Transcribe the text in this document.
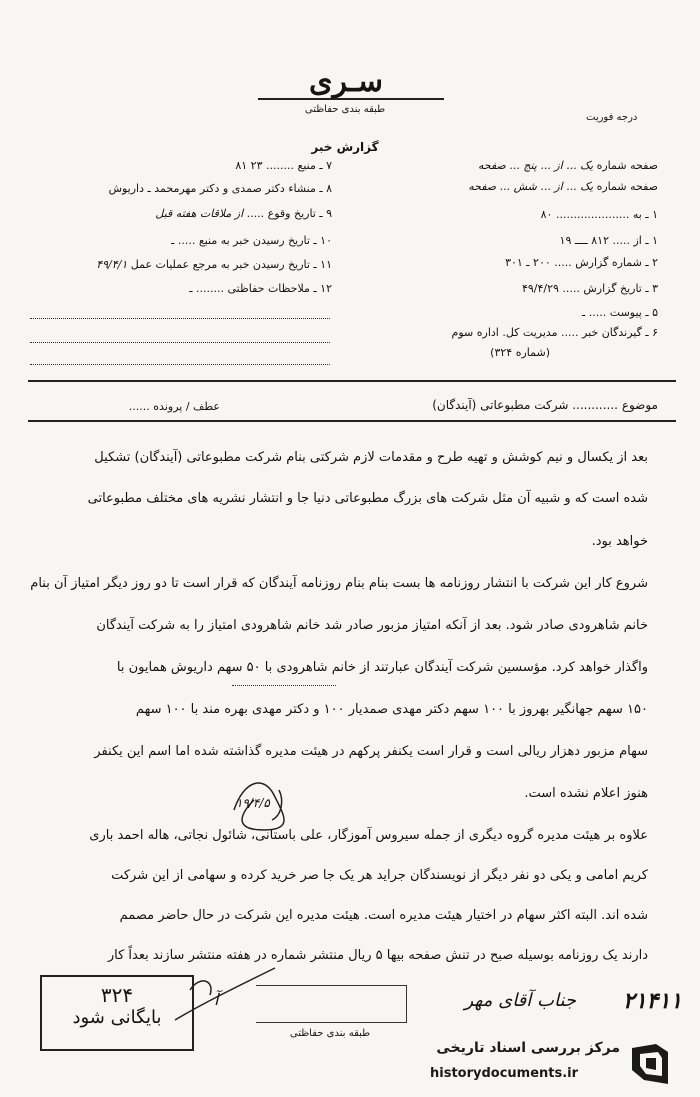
سـری
طبقه بندی حفاظتی
درجه فوریت
گزارش خبر
صفحه شماره یک ... از ... پنج ... صفحه
صفحه شماره یک ... از ... شش ... صفحه
۱ ـ به ..................... ۸۰
۱ ـ از ..... ۸۱۲ ــــ ۱۹
۲ ـ شماره گزارش ..... ۲۰۰ ـ ۳۰۱
۳ ـ تاریخ گزارش ..... ۴۹/۴/۲۹
۵ ـ پیوست ..... ـ
۶ ـ گیرندگان خبر ..... مدیریت کل. اداره سوم
(شماره ۳۲۴)
۷ ـ منبع ........ ۲۳ ۸۱
۸ ـ منشاء دکتر صمدی و دکتر مهرمحمد ـ داریوش
۹ ـ تاریخ وقوع ..... از ملاقات هفته قبل
۱۰ ـ تاریخ رسیدن خبر به منبع ..... ـ
۱۱ ـ تاریخ رسیدن خبر به مرجع عملیات عمل ۴۹/۴/۱
۱۲ ـ ملاحظات حفاظتی ........ ـ
موضوع ............ شرکت مطبوعاتی (آیندگان)
عطف / پرونده ......
بعد از یکسال و نیم کوشش و تهیه طرح و مقدمات لازم شرکتی بنام شرکت مطبوعاتی (آیندگان) تشکیل
شده است که و شبیه آن مثل شرکت های بزرگ مطبوعاتی دنیا جا و انتشار نشریه های مختلف مطبوعاتی
خواهد بود.
شروع کار این شرکت با انتشار روزنامه ها بست بنام بنام روزنامه آیندگان که قرار است تا دو روز دیگر امتیاز آن بنام
خانم شاهرودی صادر شود. بعد از آنکه امتیاز مزبور صادر شد خانم شاهرودی امتیاز را به شرکت آیندگان
واگذار خواهد کرد. مؤسسین شرکت آیندگان عبارتند از خانم شاهرودی با ۵۰ سهم داریوش همایون با
۱۵۰ سهم جهانگیر بهروز با ۱۰۰ سهم دکتر مهدی صمدیار ۱۰۰ و دکتر مهدی بهره مند با ۱۰۰ سهم
سهام مزبور دهزار ریالی است و قرار است یکنفر پرکهم در هیئت مدیره گذاشته شده اما اسم این یکنفر
هنوز اعلام نشده است.
علاوه بر هیئت مدیره گروه دیگری از جمله سیروس آموزگار، علی باستانی، شائول نجاتی، هاله احمد باری
کریم امامی و یکی دو نفر دیگر از نویسندگان جراید هر یک جا صر خرید کرده و سهامی از این شرکت
شده اند. البته اکثر سهام در اختیار هیئت مدیره است. هیئت مدیره این شرکت در حال حاضر مصمم
دارند یک روزنامه بوسیله صبح در تنش صفحه بیها ۵ ریال منتشر شماره در هفته منتشر سازند بعداً کار
۱۹/۴/۵
آ
۳۲۴
بایگانی شود
طبقه بندی حفاظتی
جناب آقای مهر ۲۱۴۱۱
مرکز بررسی اسناد تاریخی
historydocuments.ir
